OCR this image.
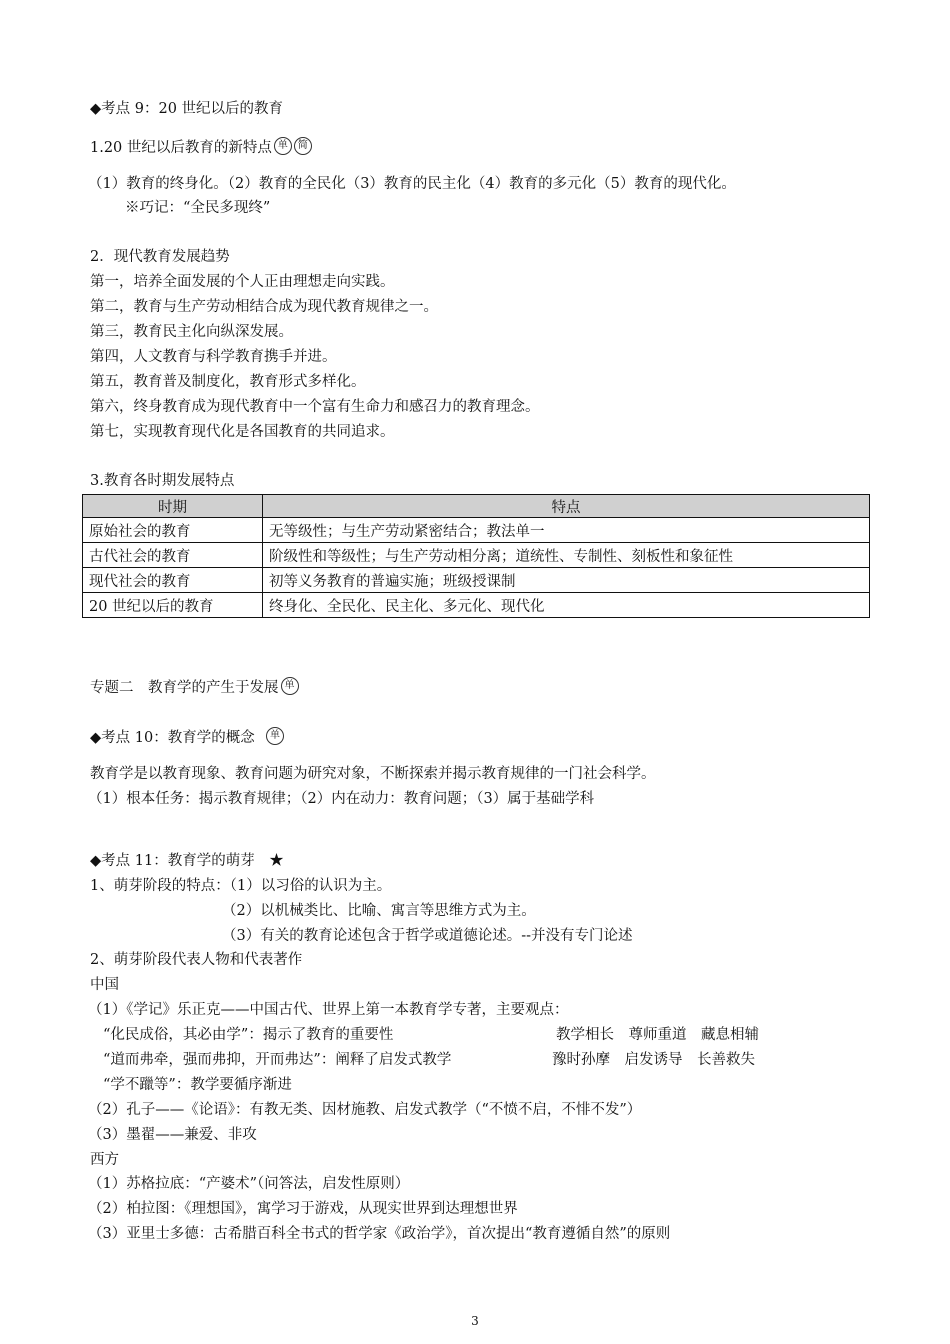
◆考点 9：20 世纪以后的教育
1.20 世纪以后教育的新特点 单 简
（1）教育的终身化。（2）教育的全民化（3）教育的民主化（4）教育的多元化（5）教育的现代化。
※巧记：“全民多现终”
2．现代教育发展趋势
第一，培养全面发展的个人正由理想走向实践。
第二，教育与生产劳动相结合成为现代教育规律之一。
第三，教育民主化向纵深发展。
第四，人文教育与科学教育携手并进。
第五，教育普及制度化，教育形式多样化。
第六，终身教育成为现代教育中一个富有生命力和感召力的教育理念。
第七，实现教育现代化是各国教育的共同追求。
3.教育各时期发展特点
时期	特点
原始社会的教育	无等级性；与生产劳动紧密结合；教法单一
古代社会的教育	阶级性和等级性；与生产劳动相分离；道统性、专制性、刻板性和象征性
现代社会的教育	初等义务教育的普遍实施；班级授课制
20 世纪以后的教育	终身化、全民化、民主化、多元化、现代化
专题二　教育学的产生于发展 单
◆考点 10：教育学的概念 单
教育学是以教育现象、教育问题为研究对象，不断探索并揭示教育规律的一门社会科学。
（1）根本任务：揭示教育规律；（2）内在动力：教育问题；（3）属于基础学科
◆考点 11：教育学的萌芽　★
1、萌芽阶段的特点：（1）以习俗的认识为主。
（2）以机械类比、比喻、寓言等思维方式为主。
（3）有关的教育论述包含于哲学或道德论述。--并没有专门论述
2、萌芽阶段代表人物和代表著作
中国
（1）《学记》乐正克——中国古代、世界上第一本教育学专著，主要观点：
“化民成俗，其必由学”：揭示了教育的重要性	教学相长　尊师重道　藏息相辅
“道而弗牵，强而弗抑，开而弗达”：阐释了启发式教学	豫时孙摩　启发诱导　长善救失
“学不躐等”：教学要循序渐进
（2）孔子——《论语》：有教无类、因材施教、启发式教学（“不愤不启，不悱不发”）
（3）墨翟——兼爱、非攻
西方
（1）苏格拉底：“产婆术”（问答法，启发性原则）
（2）柏拉图：《理想国》，寓学习于游戏，从现实世界到达理想世界
（3）亚里士多德：古希腊百科全书式的哲学家《政治学》，首次提出“教育遵循自然”的原则
3
